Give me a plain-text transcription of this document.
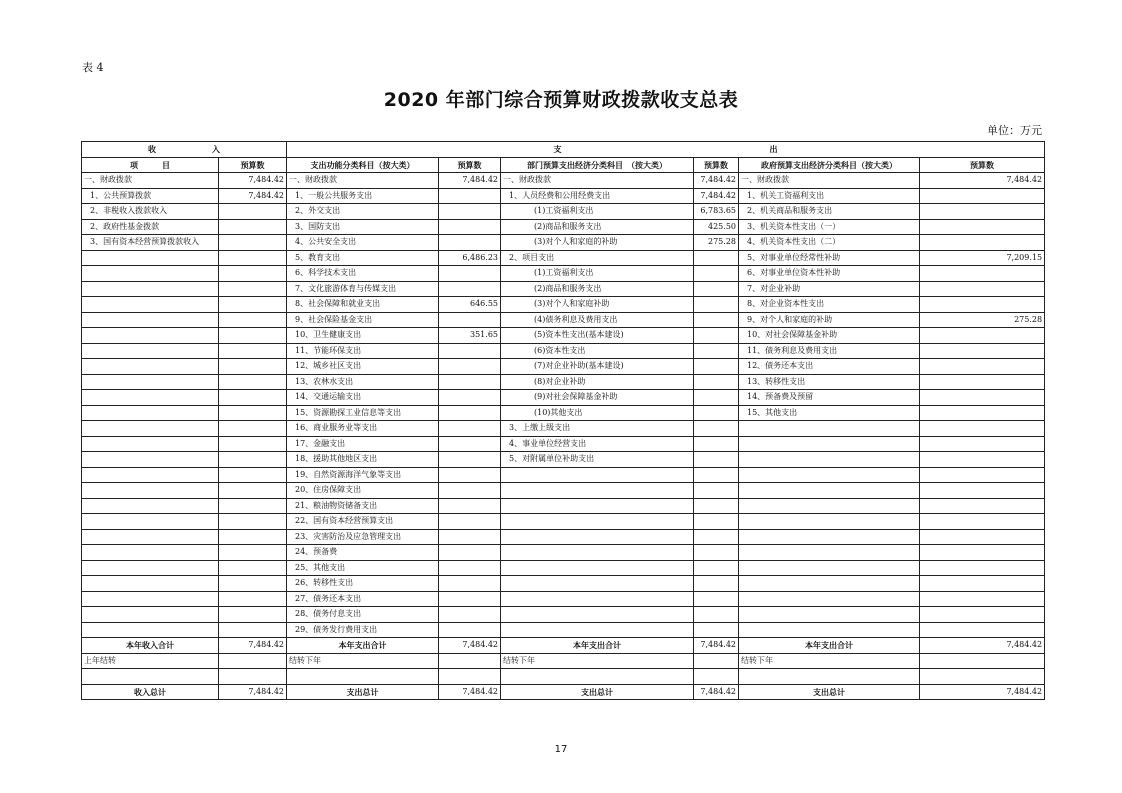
表 4
2020 年部门综合预算财政拨款收支总表
单位：万元
收　　　　　　　入		支　　　　　　　　　　　　　　　　　　　　　　　　　　出					
项　　　目	预算数	支出功能分类科目（按大类）	预算数	部门预算支出经济分类科目　（按大类）	预算数	政府预算支出经济分类科目（按大类）	预算数
一、财政拨款	7,484.42	一、财政拨款	7,484.42	一、财政拨款	7,484.42	一、财政拨款	7,484.42
1、公共预算拨款	7,484.42	1、一般公共服务支出		1、人员经费和公用经费支出	7,484.42	1、机关工资福利支出	
2、非税收入拨款收入		2、外交支出		(1)工资福利支出	6,783.65	2、机关商品和服务支出	
2、政府性基金拨款		3、国防支出		(2)商品和服务支出	425.50	3、机关资本性支出（一）	
3、国有资本经营预算拨款收入		4、公共安全支出		(3)对个人和家庭的补助	275.28	4、机关资本性支出（二）	
		5、教育支出	6,486.23	2、项目支出		5、对事业单位经常性补助	7,209.15
		6、科学技术支出		(1)工资福利支出		6、对事业单位资本性补助	
		7、文化旅游体育与传媒支出		(2)商品和服务支出		7、对企业补助	
		8、社会保障和就业支出	646.55	(3)对个人和家庭补助		8、对企业资本性支出	
		9、社会保险基金支出		(4)债务利息及费用支出		9、对个人和家庭的补助	275.28
		10、卫生健康支出	351.65	(5)资本性支出(基本建设)		10、对社会保障基金补助	
		11、节能环保支出		(6)资本性支出		11、债务利息及费用支出	
		12、城乡社区支出		(7)对企业补助(基本建设)		12、债务还本支出	
		13、农林水支出		(8)对企业补助		13、转移性支出	
		14、交通运输支出		(9)对社会保障基金补助		14、预备费及预留	
		15、资源勘探工业信息等支出		(10)其他支出		15、其他支出	
		16、商业服务业等支出		3、上缴上级支出			
		17、金融支出		4、事业单位经营支出			
		18、援助其他地区支出		5、对附属单位补助支出			
		19、自然资源海洋气象等支出					
		20、住房保障支出					
		21、粮油物资储备支出					
		22、国有资本经营预算支出					
		23、灾害防治及应急管理支出					
		24、预备费					
		25、其他支出					
		26、转移性支出					
		27、债务还本支出					
		28、债务付息支出					
		29、债务发行费用支出					
本年收入合计	7,484.42	本年支出合计	7,484.42	本年支出合计	7,484.42	本年支出合计	7,484.42
上年结转		结转下年		结转下年		结转下年	

收入总计	7,484.42	支出总计	7,484.42	支出总计	7,484.42	支出总计	7,484.42
17
